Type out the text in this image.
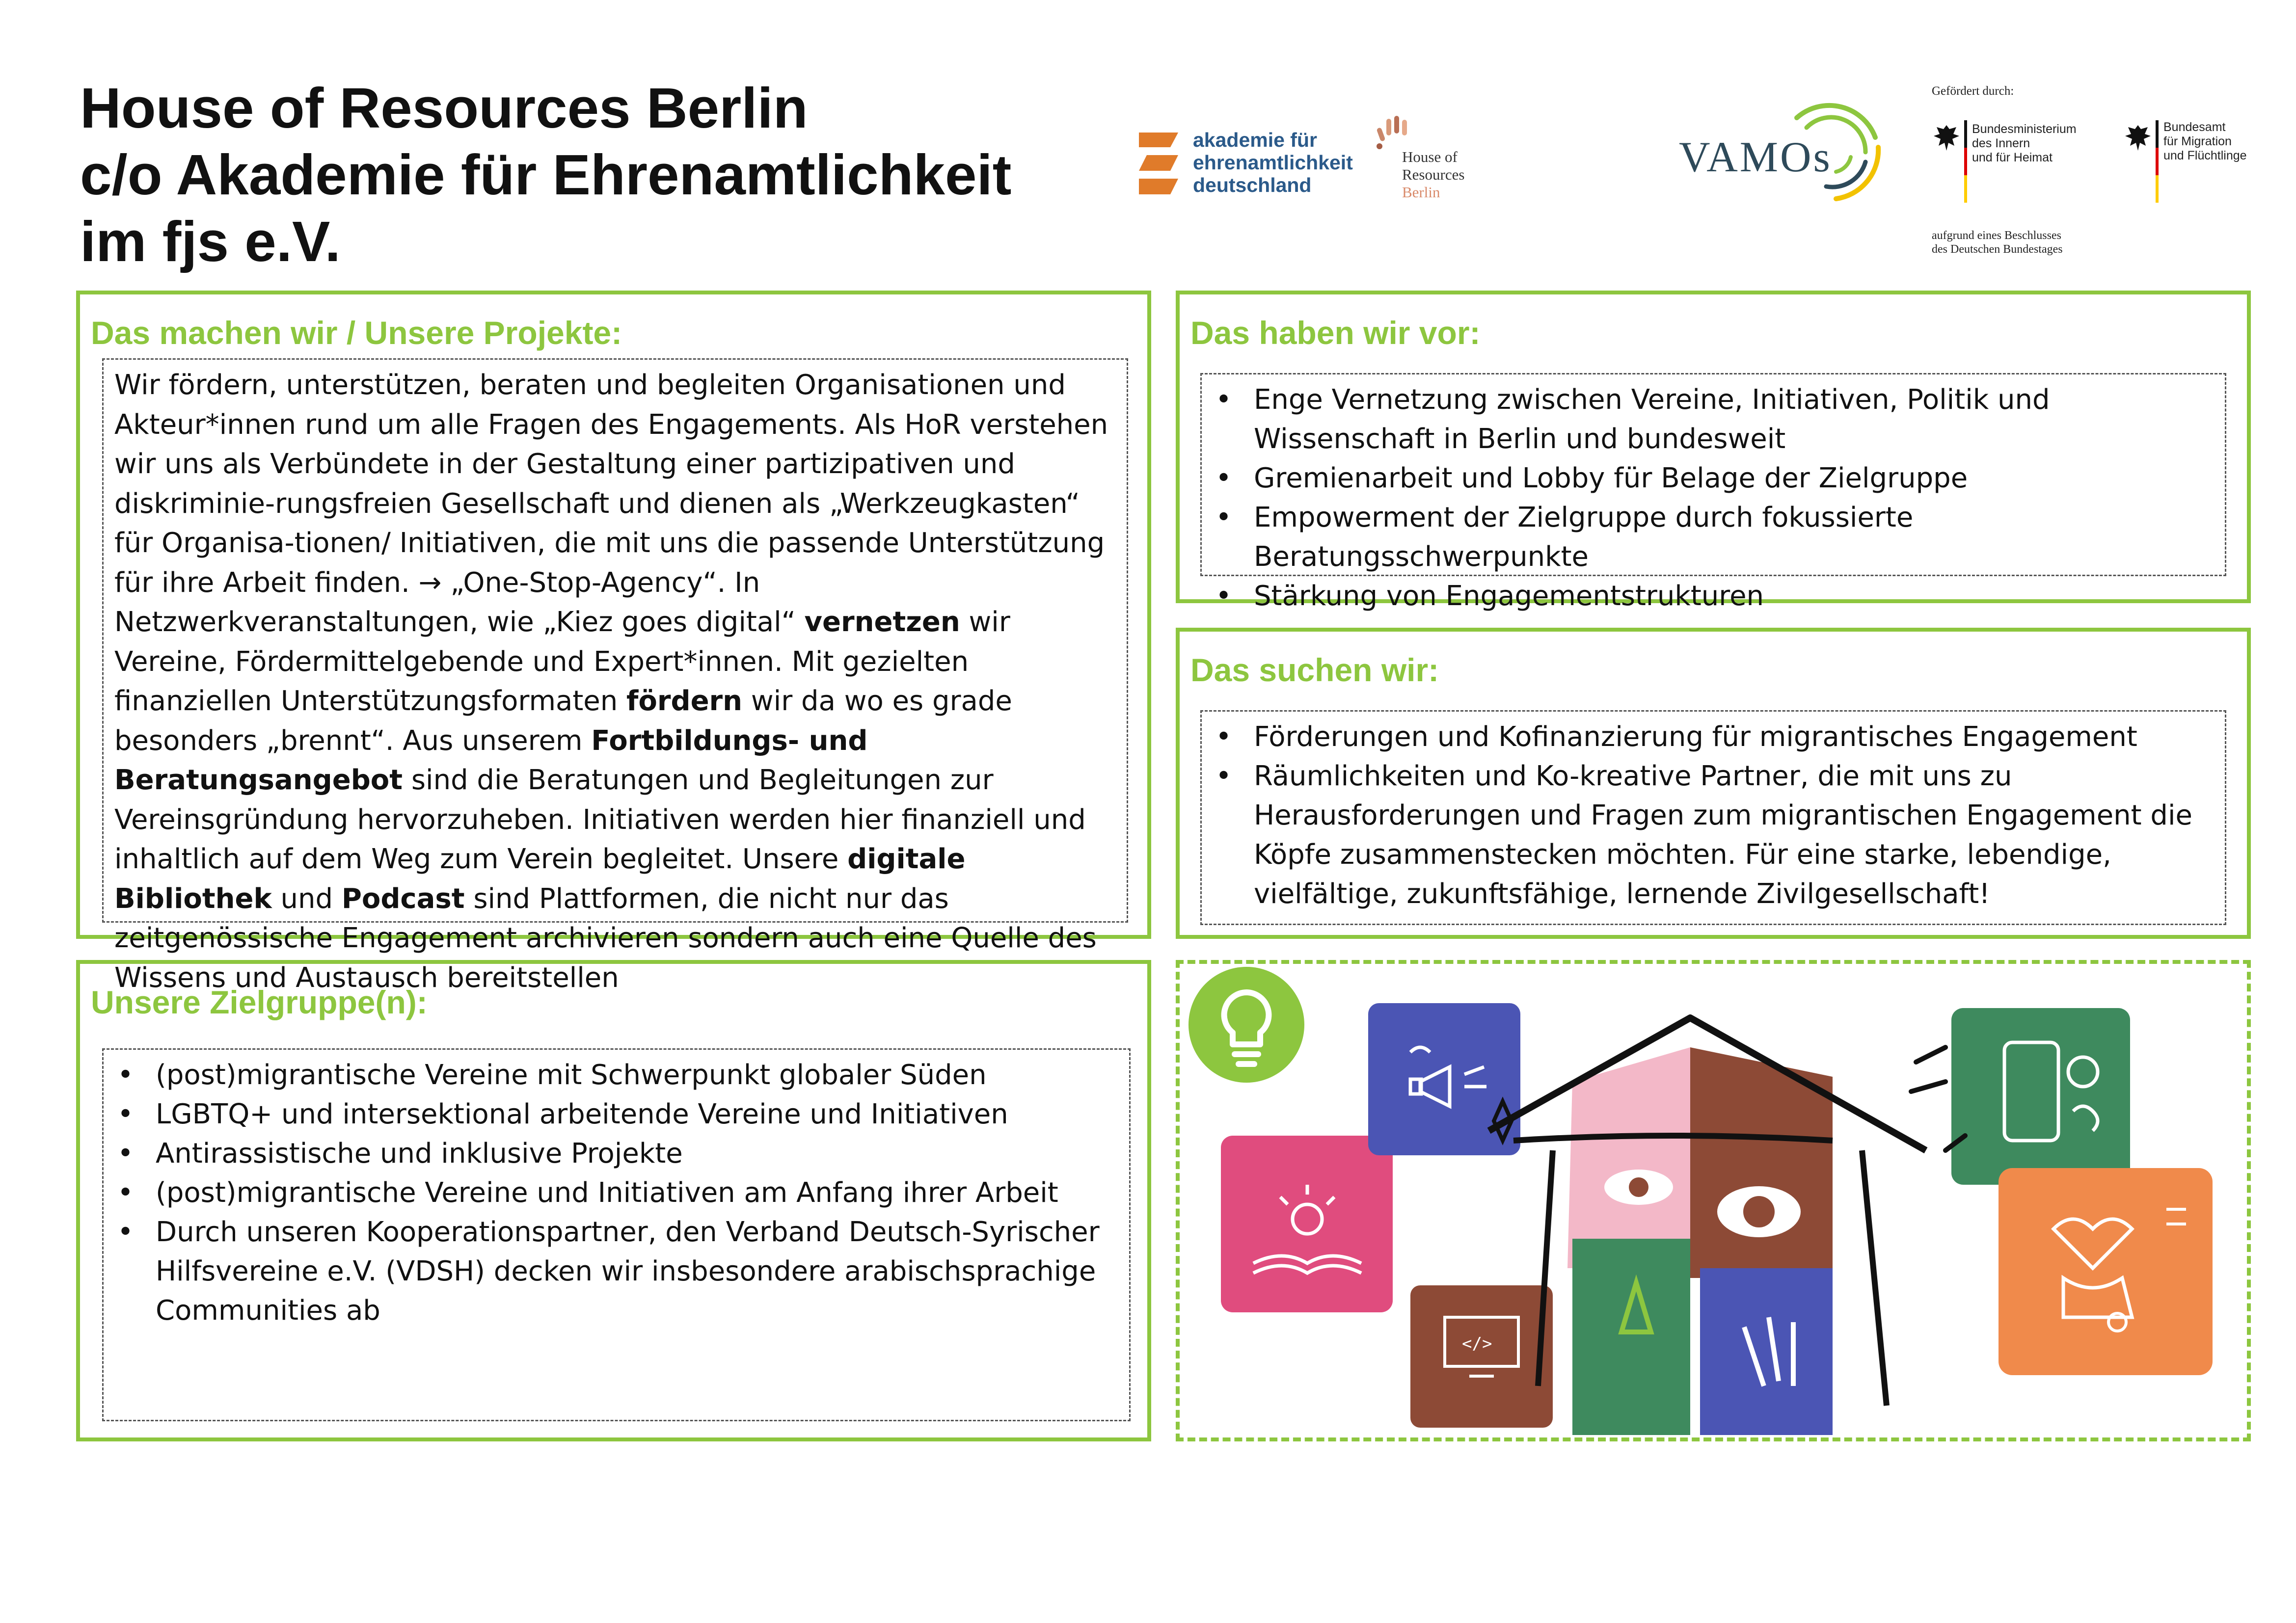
House of Resources Berlin
c/o Akademie für Ehrenamtlichkeit
im fjs e.V.
akademie für
ehrenamtlichkeit
deutschland
House of
Resources
Berlin
VAMOs
Gefördert durch:
Bundesministerium
des Innern
und für Heimat
Bundesamt
für Migration
und Flüchtlinge
aufgrund eines Beschlusses
des Deutschen Bundestages
Das machen wir / Unsere Projekte:
Wir fördern, unterstützen, beraten und begleiten Organisationen und Akteur*innen rund um alle Fragen des Engagements. Als HoR verstehen wir uns als Verbündete in der Gestaltung einer partizipativen und diskriminie-rungsfreien Gesellschaft und dienen als „Werkzeugkasten“ für Organisa-tionen/ Initiativen, die mit uns die passende Unterstützung für ihre Arbeit finden. → „One-Stop-Agency“. In Netzwerkveranstaltungen, wie „Kiez goes digital“ vernetzen wir Vereine, Fördermittelgebende und Expert*innen. Mit gezielten finanziellen Unterstützungsformaten fördern wir da wo es grade besonders „brennt“. Aus unserem Fortbildungs- und Beratungsangebot sind die Beratungen und Begleitungen zur Vereinsgründung hervorzuheben. Initiativen werden hier finanziell und inhaltlich auf dem Weg zum Verein begleitet. Unsere digitale Bibliothek und Podcast sind Plattformen, die nicht nur das zeitgenössische Engagement archivieren sondern auch eine Quelle des Wissens und Austausch bereitstellen
Das haben wir vor:
• Enge Vernetzung zwischen Vereine, Initiativen, Politik und Wissenschaft in Berlin und bundesweit
• Gremienarbeit und Lobby für Belage der Zielgruppe
• Empowerment der Zielgruppe durch fokussierte Beratungsschwerpunkte
• Stärkung von Engagementstrukturen
Das suchen wir:
• Förderungen und Kofinanzierung für migrantisches Engagement
• Räumlichkeiten und Ko-kreative Partner, die mit uns zu Herausforderungen und Fragen zum migrantischen Engagement die Köpfe zusammenstecken möchten. Für eine starke, lebendige, vielfältige, zukunftsfähige, lernende Zivilgesellschaft!
Unsere Zielgruppe(n):
• (post)migrantische Vereine mit Schwerpunkt globaler Süden
• LGBTQ+ und intersektional arbeitende Vereine und Initiativen
• Antirassistische und inklusive Projekte
• (post)migrantische Vereine und Initiativen am Anfang ihrer Arbeit
• Durch unseren Kooperationspartner, den Verband Deutsch-Syrischer Hilfsvereine e.V. (VDSH) decken wir insbesondere arabischsprachige Communities ab
</>
